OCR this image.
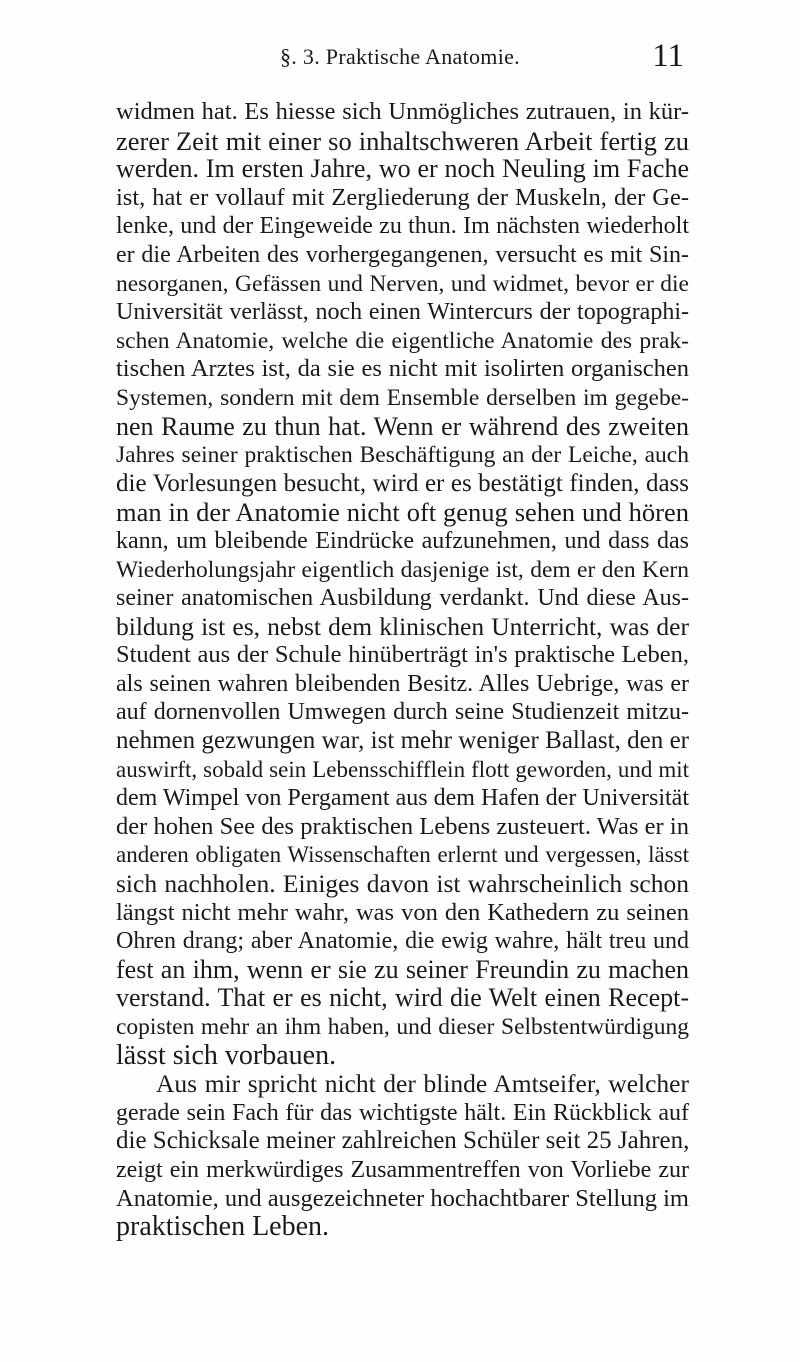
§. 3. Praktische Anatomie.	11
widmen hat. Es hiesse sich Unmögliches zutrauen, in kür-
zerer Zeit mit einer so inhaltschweren Arbeit fertig zu
werden. Im ersten Jahre, wo er noch Neuling im Fache
ist, hat er vollauf mit Zergliederung der Muskeln, der Ge-
lenke, und der Eingeweide zu thun. Im nächsten wiederholt
er die Arbeiten des vorhergegangenen, versucht es mit Sin-
nesorganen, Gefässen und Nerven, und widmet, bevor er die
Universität verlässt, noch einen Wintercurs der topographi-
schen Anatomie, welche die eigentliche Anatomie des prak-
tischen Arztes ist, da sie es nicht mit isolirten organischen
Systemen, sondern mit dem Ensemble derselben im gegebe-
nen Raume zu thun hat. Wenn er während des zweiten
Jahres seiner praktischen Beschäftigung an der Leiche, auch
die Vorlesungen besucht, wird er es bestätigt finden, dass
man in der Anatomie nicht oft genug sehen und hören
kann, um bleibende Eindrücke aufzunehmen, und dass das
Wiederholungsjahr eigentlich dasjenige ist, dem er den Kern
seiner anatomischen Ausbildung verdankt. Und diese Aus-
bildung ist es, nebst dem klinischen Unterricht, was der
Student aus der Schule hinüberträgt in's praktische Leben,
als seinen wahren bleibenden Besitz. Alles Uebrige, was er
auf dornenvollen Umwegen durch seine Studienzeit mitzu-
nehmen gezwungen war, ist mehr weniger Ballast, den er
auswirft, sobald sein Lebensschifflein flott geworden, und mit
dem Wimpel von Pergament aus dem Hafen der Universität
der hohen See des praktischen Lebens zusteuert. Was er in
anderen obligaten Wissenschaften erlernt und vergessen, lässt
sich nachholen. Einiges davon ist wahrscheinlich schon
längst nicht mehr wahr, was von den Kathedern zu seinen
Ohren drang; aber Anatomie, die ewig wahre, hält treu und
fest an ihm, wenn er sie zu seiner Freundin zu machen
verstand. That er es nicht, wird die Welt einen Recept-
copisten mehr an ihm haben, und dieser Selbstentwürdigung
lässt sich vorbauen.
Aus mir spricht nicht der blinde Amtseifer, welcher
gerade sein Fach für das wichtigste hält. Ein Rückblick auf
die Schicksale meiner zahlreichen Schüler seit 25 Jahren,
zeigt ein merkwürdiges Zusammentreffen von Vorliebe zur
Anatomie, und ausgezeichneter hochachtbarer Stellung im
praktischen Leben.
